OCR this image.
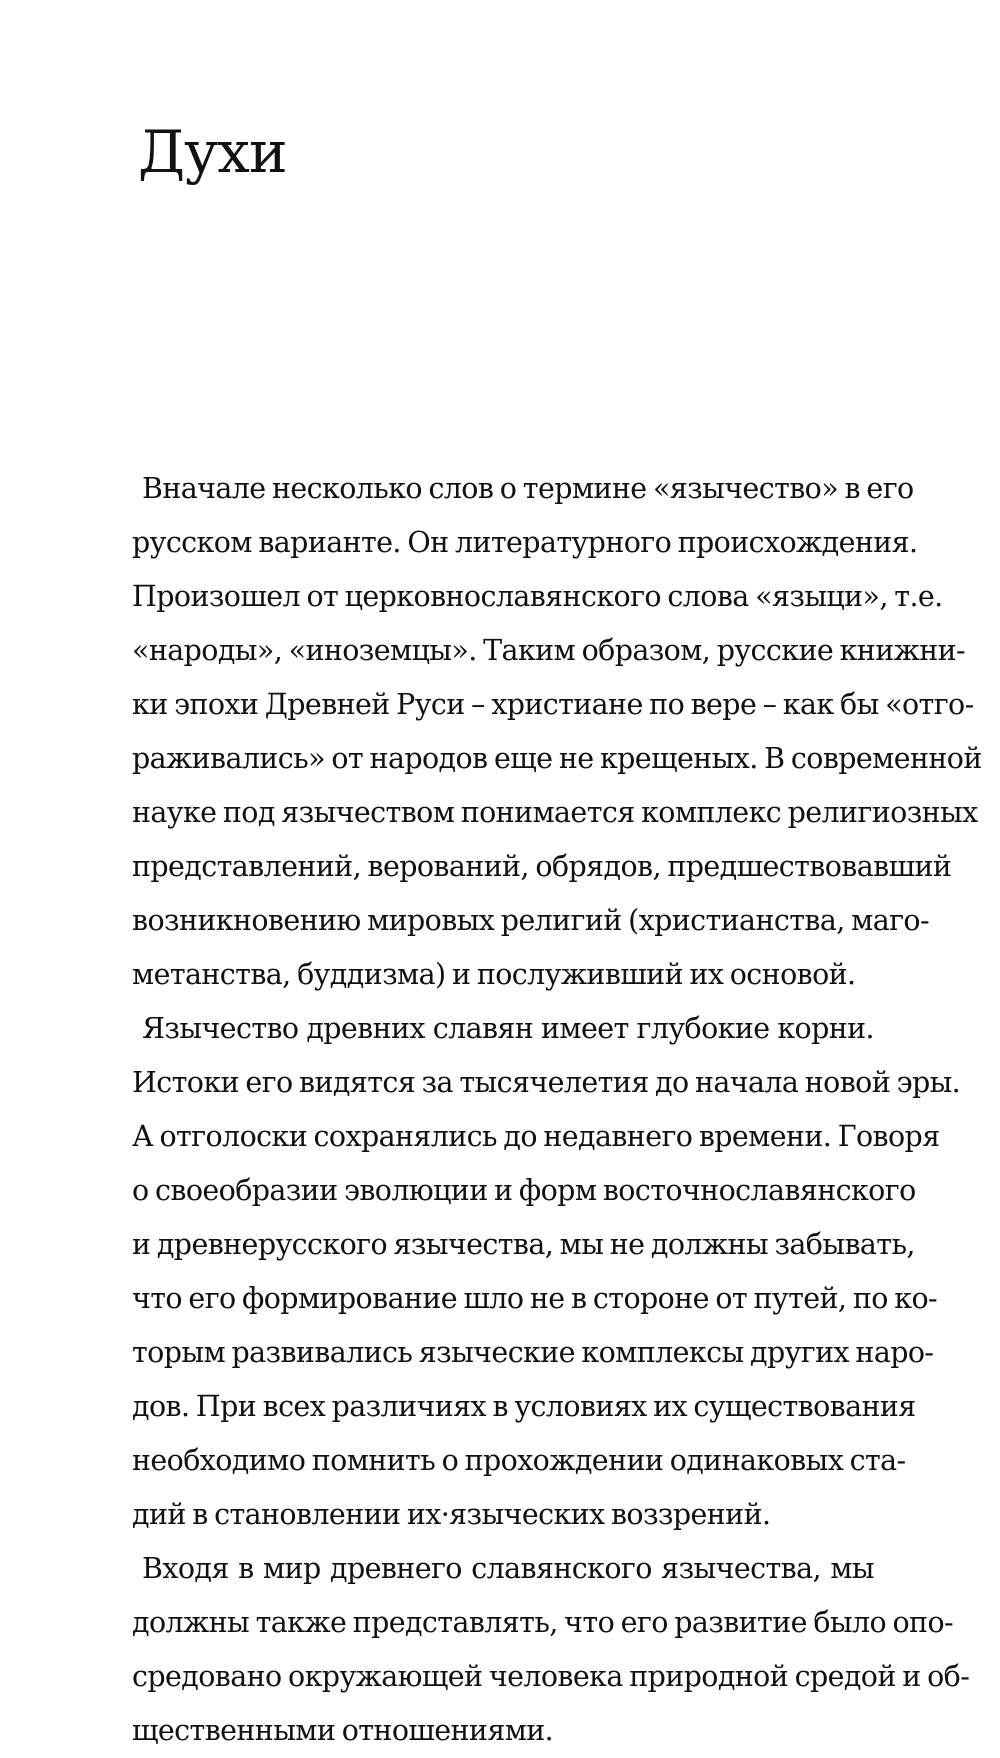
Духи
Вначале несколько слов о термине «язычество» в его
русском варианте. Он литературного происхождения.
Произошел от церковнославянского слова «языци», т.е.
«народы», «иноземцы». Таким образом, русские книжни-
ки эпохи Древней Руси – христиане по вере – как бы «отго-
раживались» от народов еще не крещеных. В современной
науке под язычеством понимается комплекс религиозных
представлений, верований, обрядов, предшествовавший
возникновению мировых религий (христианства, маго-
метанства, буддизма) и послуживший их основой.
Язычество древних славян имеет глубокие корни.
Истоки его видятся за тысячелетия до начала новой эры.
А отголоски сохранялись до недавнего времени. Говоря
о своеобразии эволюции и форм восточнославянского
и древнерусского язычества, мы не должны забывать,
что его формирование шло не в стороне от путей, по ко-
торым развивались языческие комплексы других наро-
дов. При всех различиях в условиях их существования
необходимо помнить о прохождении одинаковых ста-
дий в становлении их·языческих воззрений.
Входя в мир древнего славянского язычества, мы
должны также представлять, что его развитие было опо-
средовано окружающей человека природной средой и об-
щественными отношениями.
